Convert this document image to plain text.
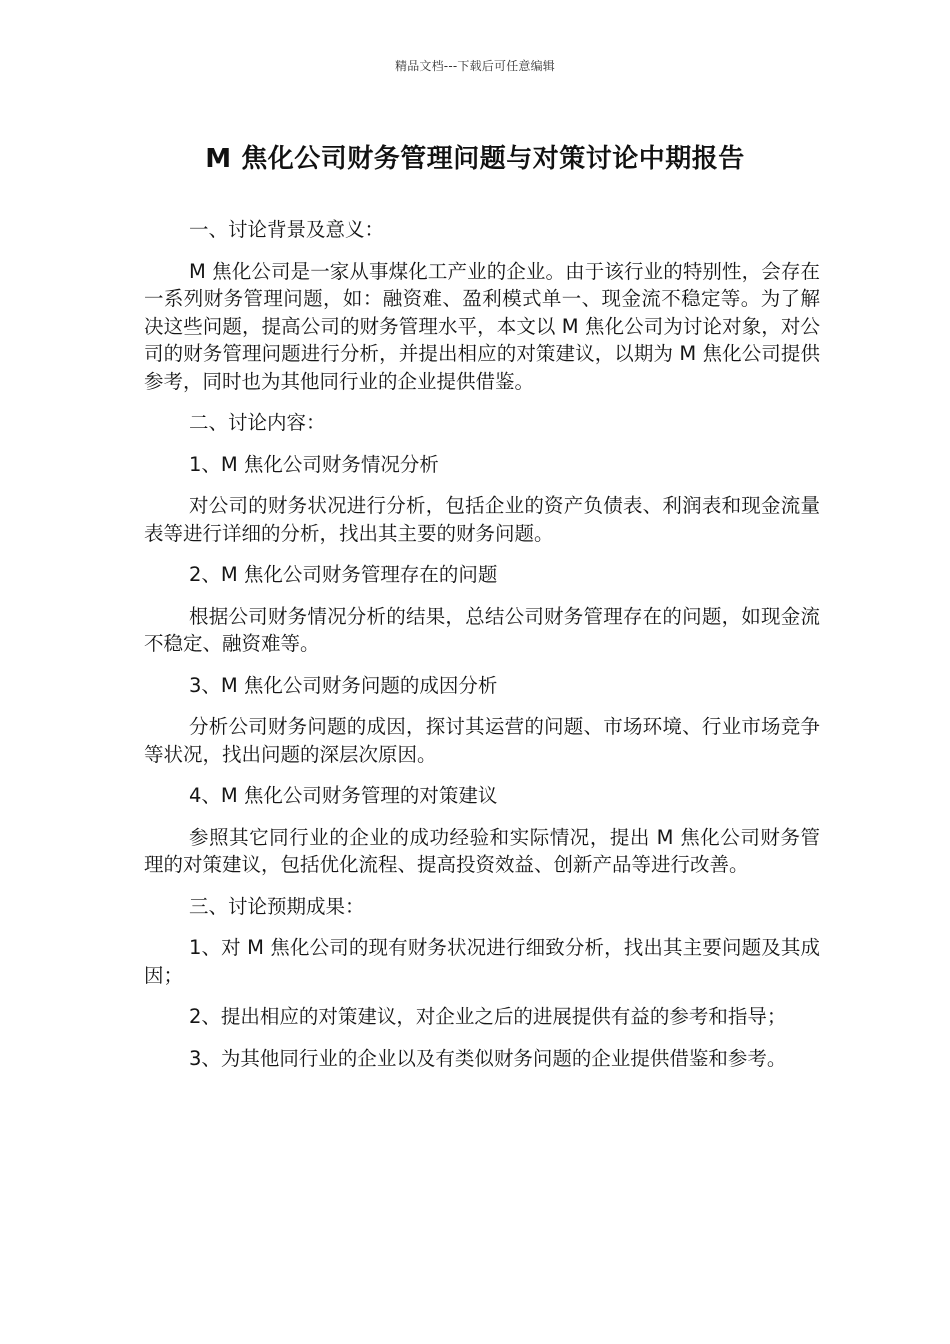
精品文档---下载后可任意编辑
M 焦化公司财务管理问题与对策讨论中期报告

一、讨论背景及意义：

M 焦化公司是一家从事煤化工产业的企业。由于该行业的特别性，会存在一系列财务管理问题，如：融资难、盈利模式单一、现金流不稳定等。为了解决这些问题，提高公司的财务管理水平，本文以 M 焦化公司为讨论对象，对公司的财务管理问题进行分析，并提出相应的对策建议，以期为 M 焦化公司提供参考，同时也为其他同行业的企业提供借鉴。

二、讨论内容：

1、M 焦化公司财务情况分析

对公司的财务状况进行分析，包括企业的资产负债表、利润表和现金流量表等进行详细的分析，找出其主要的财务问题。

2、M 焦化公司财务管理存在的问题

根据公司财务情况分析的结果，总结公司财务管理存在的问题，如现金流不稳定、融资难等。

3、M 焦化公司财务问题的成因分析

分析公司财务问题的成因，探讨其运营的问题、市场环境、行业市场竞争等状况，找出问题的深层次原因。

4、M 焦化公司财务管理的对策建议

参照其它同行业的企业的成功经验和实际情况，提出 M 焦化公司财务管理的对策建议，包括优化流程、提高投资效益、创新产品等进行改善。

三、讨论预期成果：

1、对 M 焦化公司的现有财务状况进行细致分析，找出其主要问题及其成因；

2、提出相应的对策建议，对企业之后的进展提供有益的参考和指导；

3、为其他同行业的企业以及有类似财务问题的企业提供借鉴和参考。
